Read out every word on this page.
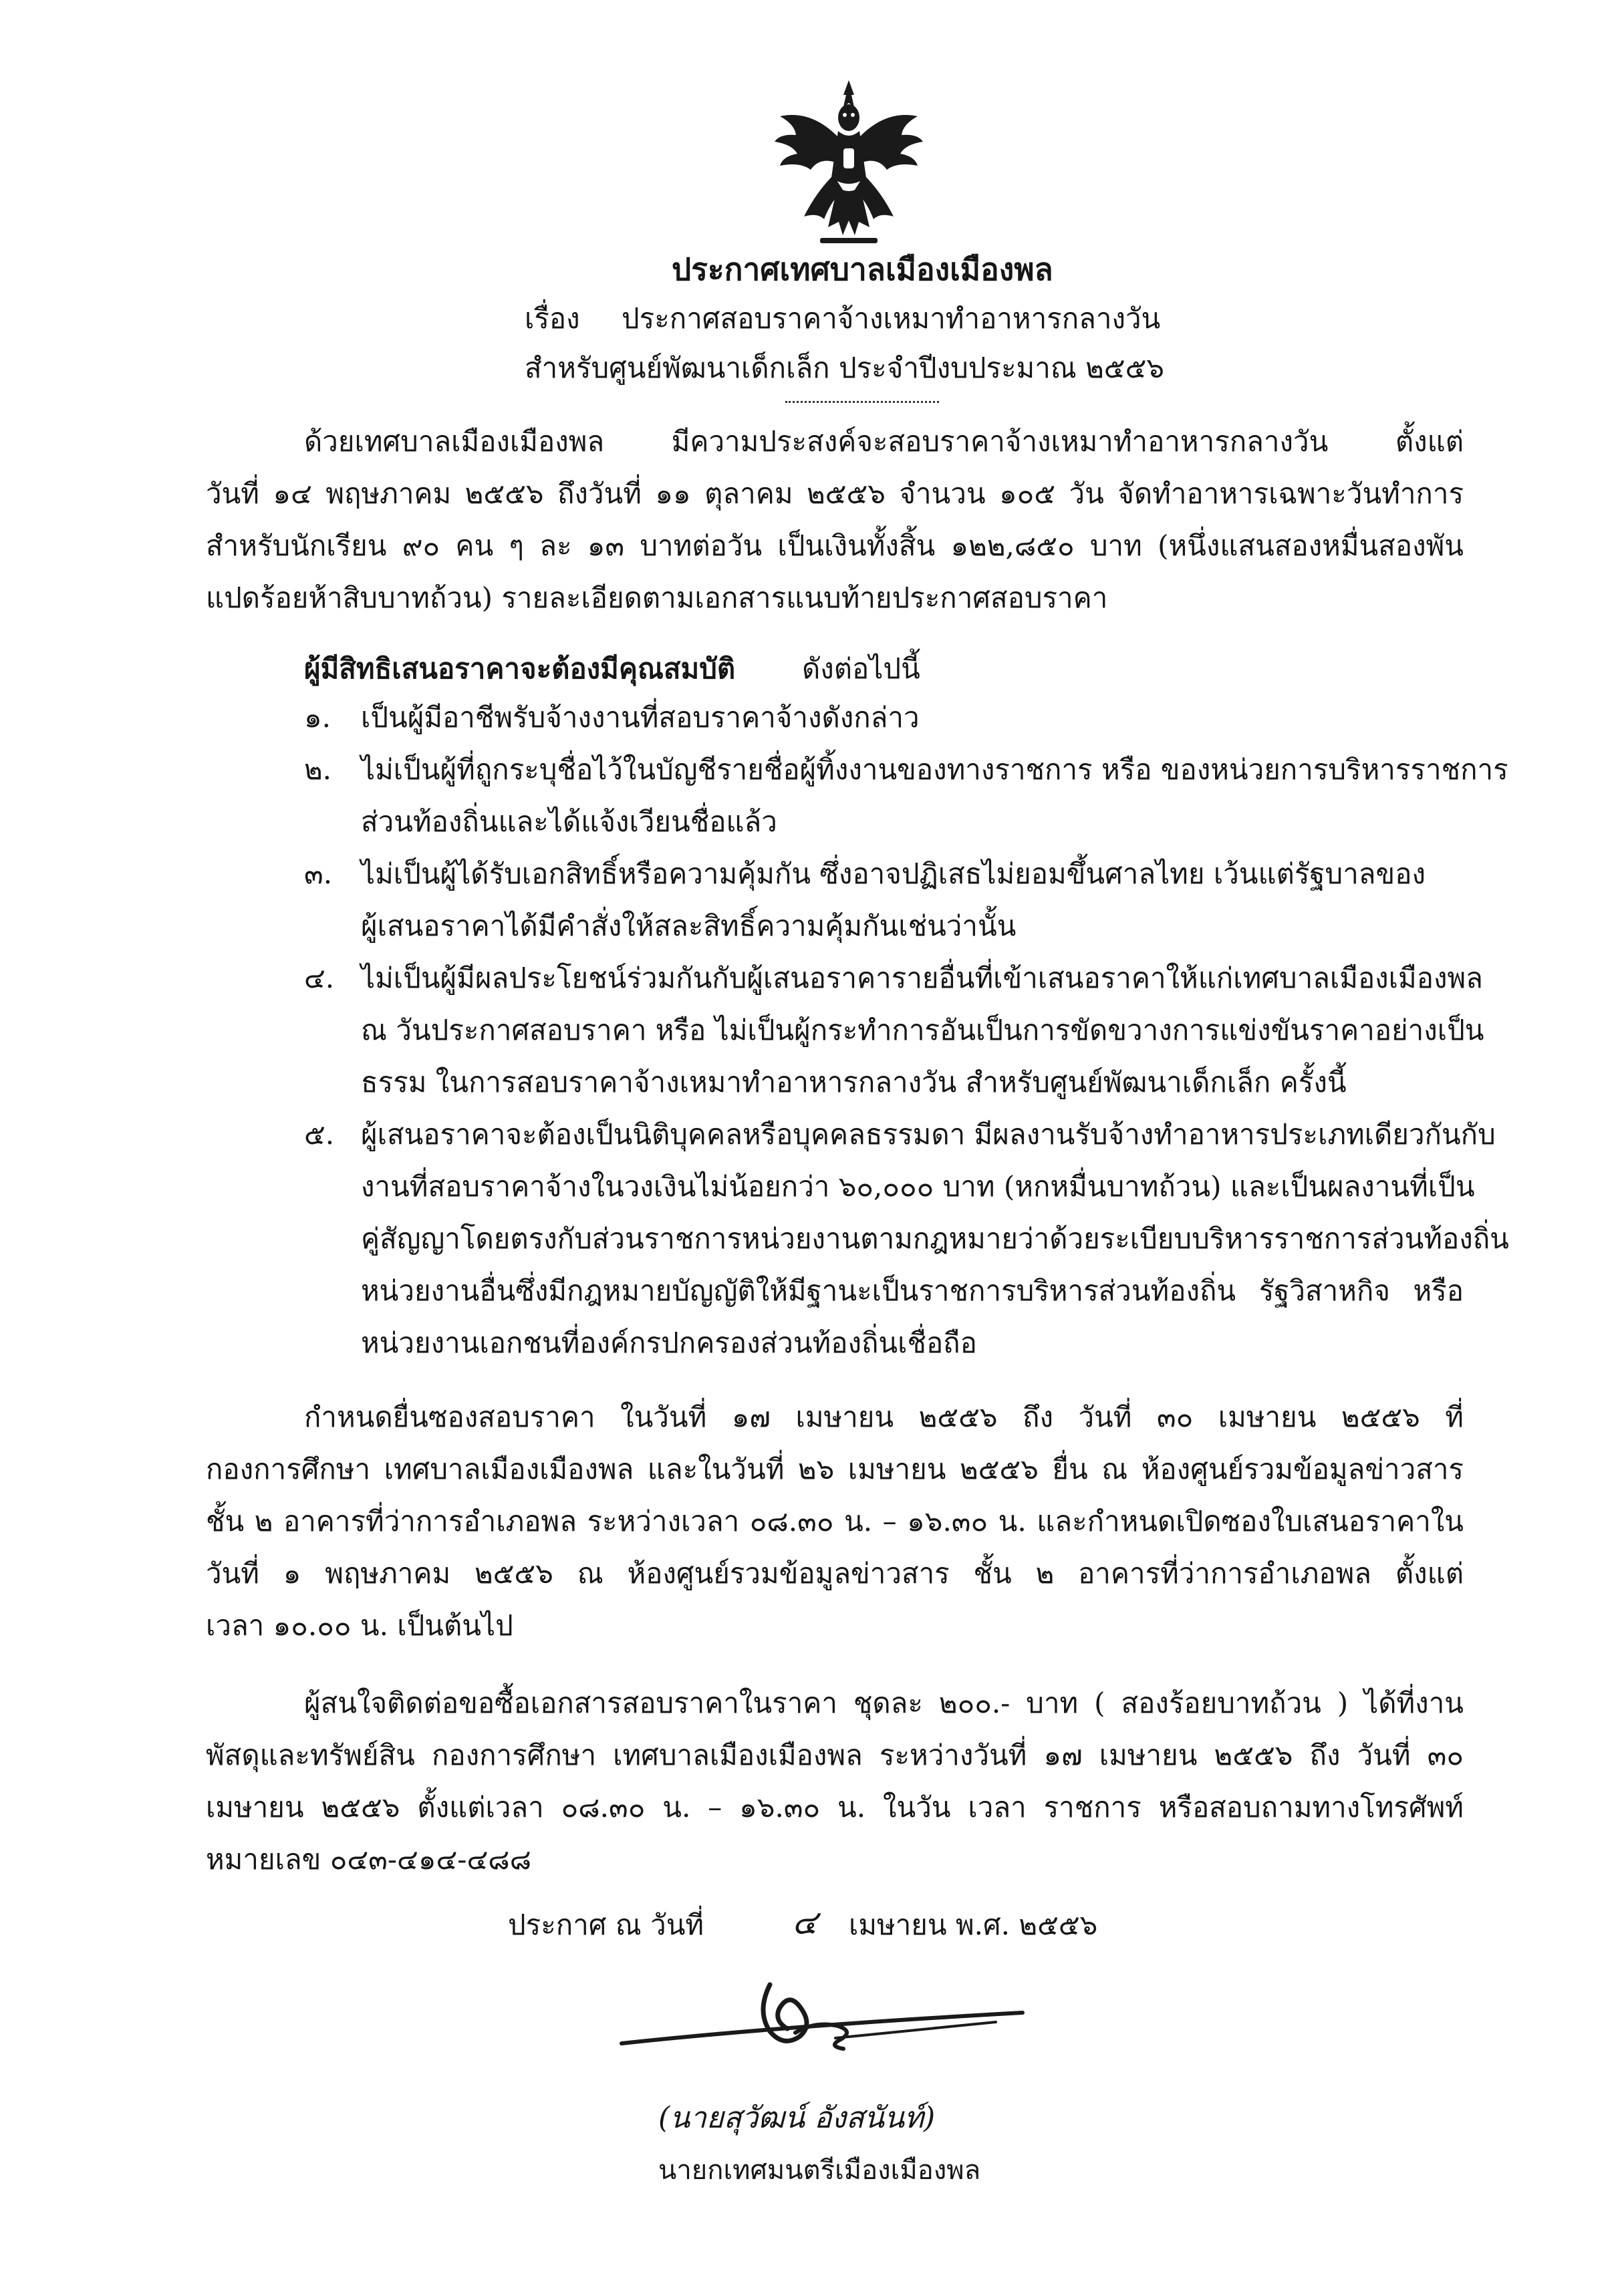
ประกาศเทศบาลเมืองเมืองพล
เรื่อง ประกาศสอบราคาจ้างเหมาทำอาหารกลางวัน
สำหรับศูนย์พัฒนาเด็กเล็ก ประจำปีงบประมาณ ๒๕๕๖
ด้วยเทศบาลเมืองเมืองพล มีความประสงค์จะสอบราคาจ้างเหมาทำอาหารกลางวัน ตั้งแต่
วันที่ ๑๔ พฤษภาคม ๒๕๕๖ ถึงวันที่ ๑๑ ตุลาคม ๒๕๕๖ จำนวน ๑๐๕ วัน จัดทำอาหารเฉพาะวันทำการ
สำหรับนักเรียน ๙๐ คน ๆ ละ ๑๓ บาทต่อวัน เป็นเงินทั้งสิ้น ๑๒๒,๘๕๐ บาท (หนึ่งแสนสองหมื่นสองพัน
แปดร้อยห้าสิบบาทถ้วน) รายละเอียดตามเอกสารแนบท้ายประกาศสอบราคา
ผู้มีสิทธิเสนอราคาจะต้องมีคุณสมบัติ ดังต่อไปนี้
๑. เป็นผู้มีอาชีพรับจ้างงานที่สอบราคาจ้างดังกล่าว
๒. ไม่เป็นผู้ที่ถูกระบุชื่อไว้ในบัญชีรายชื่อผู้ทิ้งงานของทางราชการ หรือ ของหน่วยการบริหารราชการ
ส่วนท้องถิ่นและได้แจ้งเวียนชื่อแล้ว
๓. ไม่เป็นผู้ได้รับเอกสิทธิ์หรือความคุ้มกัน ซึ่งอาจปฏิเสธไม่ยอมขึ้นศาลไทย เว้นแต่รัฐบาลของ
ผู้เสนอราคาได้มีคำสั่งให้สละสิทธิ์ความคุ้มกันเช่นว่านั้น
๔. ไม่เป็นผู้มีผลประโยชน์ร่วมกันกับผู้เสนอราคารายอื่นที่เข้าเสนอราคาให้แก่เทศบาลเมืองเมืองพล
ณ วันประกาศสอบราคา หรือ ไม่เป็นผู้กระทำการอันเป็นการขัดขวางการแข่งขันราคาอย่างเป็น
ธรรม ในการสอบราคาจ้างเหมาทำอาหารกลางวัน สำหรับศูนย์พัฒนาเด็กเล็ก ครั้งนี้
๕. ผู้เสนอราคาจะต้องเป็นนิติบุคคลหรือบุคคลธรรมดา มีผลงานรับจ้างทำอาหารประเภทเดียวกันกับ
งานที่สอบราคาจ้างในวงเงินไม่น้อยกว่า ๖๐,๐๐๐ บาท (หกหมื่นบาทถ้วน) และเป็นผลงานที่เป็น
คู่สัญญาโดยตรงกับส่วนราชการหน่วยงานตามกฎหมายว่าด้วยระเบียบบริหารราชการส่วนท้องถิ่น
หน่วยงานอื่นซึ่งมีกฎหมายบัญญัติให้มีฐานะเป็นราชการบริหารส่วนท้องถิ่น รัฐวิสาหกิจ หรือ
หน่วยงานเอกชนที่องค์กรปกครองส่วนท้องถิ่นเชื่อถือ
กำหนดยื่นซองสอบราคา ในวันที่ ๑๗ เมษายน ๒๕๕๖ ถึง วันที่ ๓๐ เมษายน ๒๕๕๖ ที่
กองการศึกษา เทศบาลเมืองเมืองพล และในวันที่ ๒๖ เมษายน ๒๕๕๖ ยื่น ณ ห้องศูนย์รวมข้อมูลข่าวสาร
ชั้น ๒ อาคารที่ว่าการอำเภอพล ระหว่างเวลา ๐๘.๓๐ น. – ๑๖.๓๐ น. และกำหนดเปิดซองใบเสนอราคาใน
วันที่ ๑ พฤษภาคม ๒๕๕๖ ณ ห้องศูนย์รวมข้อมูลข่าวสาร ชั้น ๒ อาคารที่ว่าการอำเภอพล ตั้งแต่
เวลา ๑๐.๐๐ น. เป็นต้นไป
ผู้สนใจติดต่อขอซื้อเอกสารสอบราคาในราคา ชุดละ ๒๐๐.- บาท ( สองร้อยบาทถ้วน ) ได้ที่งาน
พัสดุและทรัพย์สิน กองการศึกษา เทศบาลเมืองเมืองพล ระหว่างวันที่ ๑๗ เมษายน ๒๕๕๖ ถึง วันที่ ๓๐
เมษายน ๒๕๕๖ ตั้งแต่เวลา ๐๘.๓๐ น. – ๑๖.๓๐ น. ในวัน เวลา ราชการ หรือสอบถามทางโทรศัพท์
หมายเลข ๐๔๓-๔๑๔-๔๘๘
ประกาศ ณ วันที่	๔ เมษายน พ.ศ. ๒๕๕๖
(นายสุวัฒน์ อังสนันท์)
นายกเทศมนตรีเมืองเมืองพล
